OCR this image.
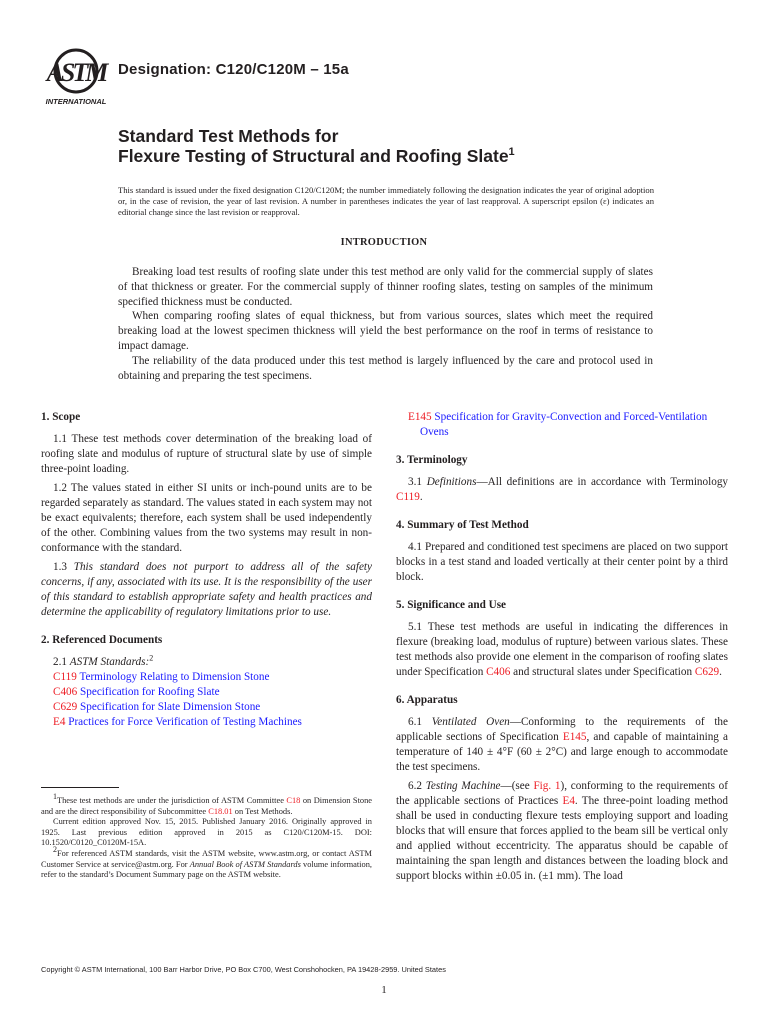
ASTM
INTERNATIONAL
Designation: C120/C120M – 15a
Standard Test Methods for
Flexure Testing of Structural and Roofing Slate$^1$
This standard is issued under the fixed designation C120/C120M; the number immediately following the designation indicates the year of original adoption or, in the case of revision, the year of last revision. A number in parentheses indicates the year of last reapproval. A superscript epsilon (ε) indicates an editorial change since the last revision or reapproval.
INTRODUCTION

Breaking load test results of roofing slate under this test method are only valid for the commercial supply of slates of that thickness or greater. For the commercial supply of thinner roofing slates, testing on samples of the minimum specified thickness must be conducted.

When comparing roofing slates of equal thickness, but from various sources, slates which meet the required breaking load at the lowest specimen thickness will yield the best performance on the roof in terms of resistance to impact damage.

The reliability of the data produced under this test method is largely influenced by the care and protocol used in obtaining and preparing the test specimens.

1. Scope

1.1 These test methods cover determination of the breaking load of roofing slate and modulus of rupture of structural slate by use of simple three-point loading.

1.2 The values stated in either SI units or inch-pound units are to be regarded separately as standard. The values stated in each system may not be exact equivalents; therefore, each system shall be used independently of the other. Combining values from the two systems may result in non-conformance with the standard.

1.3 This standard does not purport to address all of the safety concerns, if any, associated with its use. It is the responsibility of the user of this standard to establish appropriate safety and health practices and determine the applicability of regulatory limitations prior to use.

2. Referenced Documents

2.1 ASTM Standards:$^2$

C119 Terminology Relating to Dimension Stone

C406 Specification for Roofing Slate

C629 Specification for Slate Dimension Stone

E4 Practices for Force Verification of Testing Machines

$^1$These test methods are under the jurisdiction of ASTM Committee C18 on Dimension Stone and are the direct responsibility of Subcommittee C18.01 on Test Methods.

Current edition approved Nov. 15, 2015. Published January 2016. Originally approved in 1925. Last previous edition approved in 2015 as C120/C120M-15. DOI: 10.1520/C0120_C0120M-15A.

$^2$For referenced ASTM standards, visit the ASTM website, www.astm.org, or contact ASTM Customer Service at service@astm.org. For Annual Book of ASTM Standards volume information, refer to the standard’s Document Summary page on the ASTM website.

E145 Specification for Gravity-Convection and Forced-Ventilation Ovens

3. Terminology

3.1 Definitions—All definitions are in accordance with Terminology C119.

4. Summary of Test Method

4.1 Prepared and conditioned test specimens are placed on two support blocks in a test stand and loaded vertically at their center point by a third block.

5. Significance and Use

5.1 These test methods are useful in indicating the differences in flexure (breaking load, modulus of rupture) between various slates. These test methods also provide one element in the comparison of roofing slates under Specification C406 and structural slates under Specification C629.

6. Apparatus

6.1 Ventilated Oven—Conforming to the requirements of the applicable sections of Specification E145, and capable of maintaining a temperature of 140 ± 4°F (60 ± 2°C) and large enough to accommodate the test specimens.

6.2 Testing Machine—(see Fig. 1), conforming to the requirements of the applicable sections of Practices E4. The three-point loading method shall be used in conducting flexure tests employing support and loading blocks that will ensure that forces applied to the beam sill be vertical only and applied without eccentricity. The apparatus should be capable of maintaining the span length and distances between the loading block and support blocks within ±0.05 in. (±1 mm). The load

Copyright © ASTM International, 100 Barr Harbor Drive, PO Box C700, West Conshohocken, PA 19428-2959. United States
1
